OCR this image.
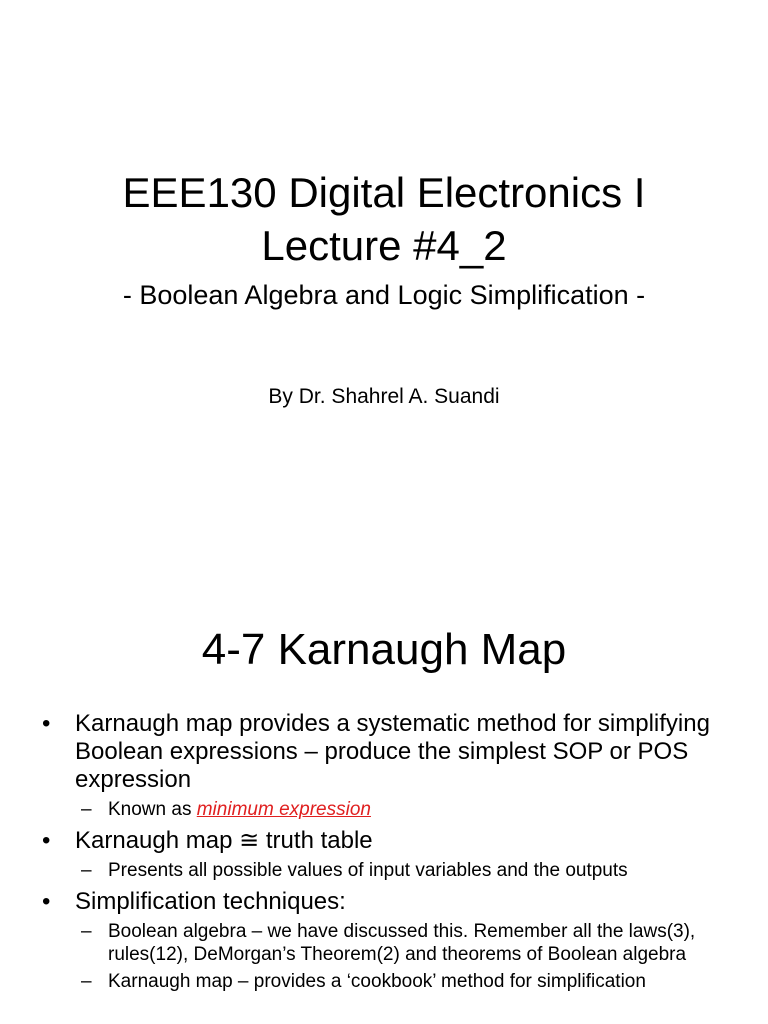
EEE130 Digital Electronics I
Lecture #4_2
- Boolean Algebra and Logic Simplification -
By Dr. Shahrel A. Suandi
4-7 Karnaugh Map
• Karnaugh map provides a systematic method for simplifying Boolean expressions – produce the simplest SOP or POS expression
– Known as minimum expression
• Karnaugh map ≅ truth table
– Presents all possible values of input variables and the outputs
• Simplification techniques:
– Boolean algebra – we have discussed this. Remember all the laws(3), rules(12), DeMorgan’s Theorem(2) and theorems of Boolean algebra
– Karnaugh map – provides a ‘cookbook’ method for simplification
